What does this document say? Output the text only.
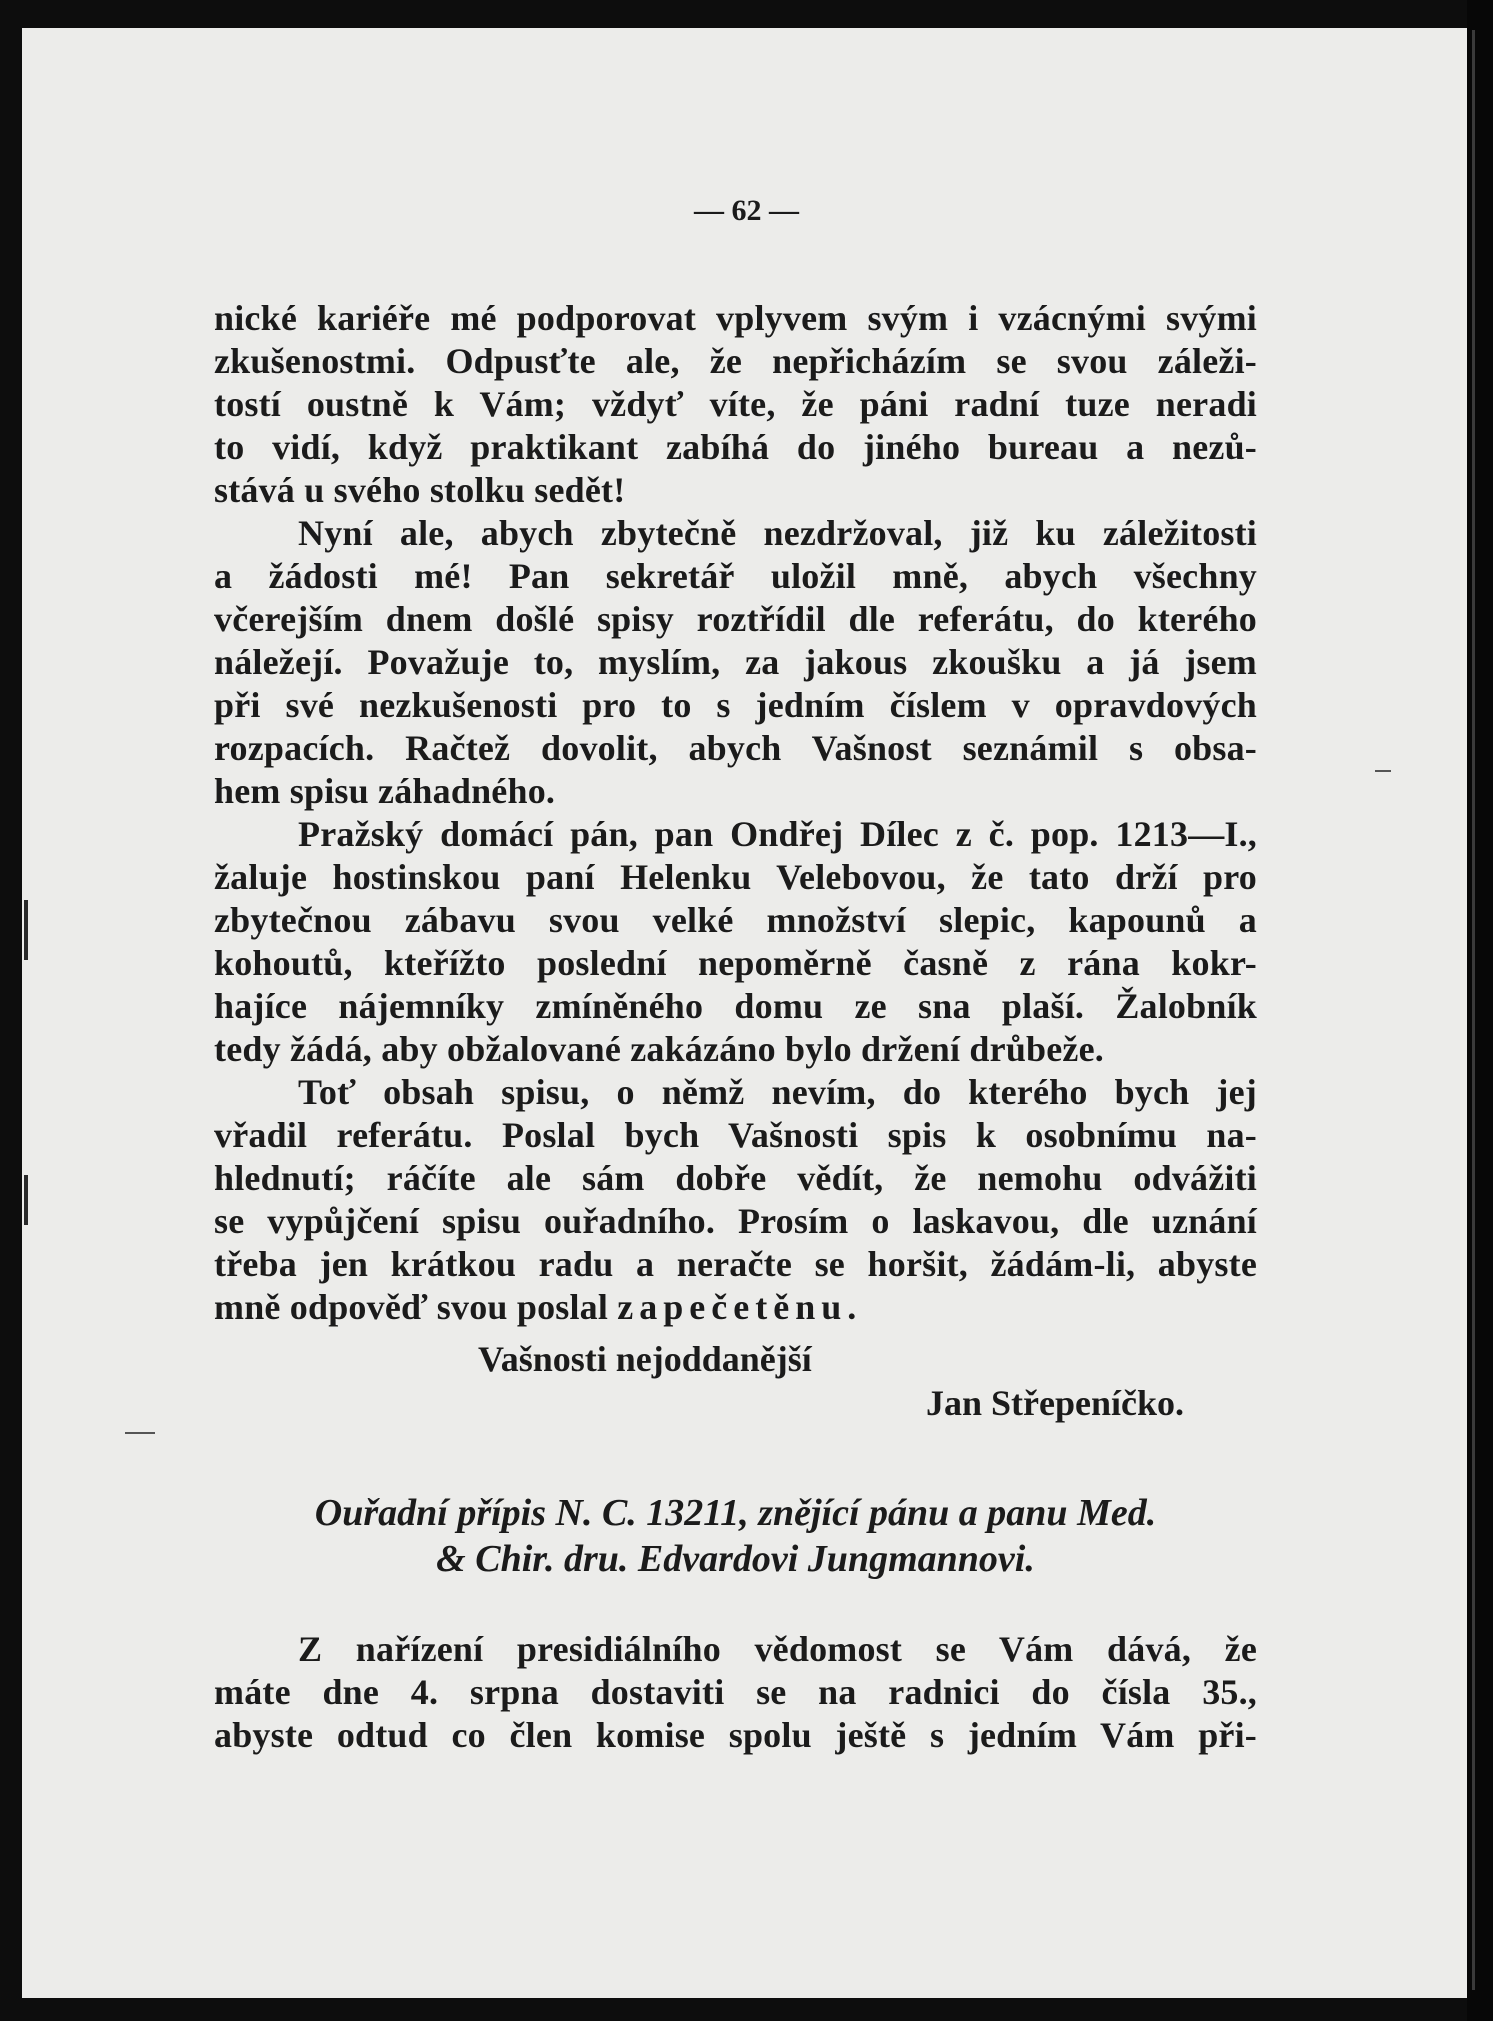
— 62 —

nické kariéře mé podporovat vplyvem svým i vzácnými svými
zkušenostmi. Odpusťte ale, že nepřicházím se svou záleži-
tostí oustně k Vám; vždyť víte, že páni radní tuze neradi
to vidí, když praktikant zabíhá do jiného bureau a nezů-
stává u svého stolku sedět!

Nyní ale, abych zbytečně nezdržoval, již ku záležitosti
a žádosti mé! Pan sekretář uložil mně, abych všechny
včerejším dnem došlé spisy roztřídil dle referátu, do kterého
náležejí. Považuje to, myslím, za jakous zkoušku a já jsem
při své nezkušenosti pro to s jedním číslem v opravdových
rozpacích. Račtež dovolit, abych Vašnost seznámil s obsa-
hem spisu záhadného.

Pražský domácí pán, pan Ondřej Dílec z č. pop. 1213—I.,
žaluje hostinskou paní Helenku Velebovou, že tato drží pro
zbytečnou zábavu svou velké množství slepic, kapounů a
kohoutů, kteřížto poslední nepoměrně časně z rána kokr-
hajíce nájemníky zmíněného domu ze sna plaší. Žalobník
tedy žádá, aby obžalované zakázáno bylo držení drůbeže.

Toť obsah spisu, o němž nevím, do kterého bych jej
vřadil referátu. Poslal bych Vašnosti spis k osobnímu na-
hlednutí; ráčíte ale sám dobře vědít, že nemohu odvážiti
se vypůjčení spisu ouřadního. Prosím o laskavou, dle uznání
třeba jen krátkou radu a neračte se horšit, žádám-li, abyste
mně odpověď svou poslal zapečetěnu.

Vašnosti nejoddanější
Jan Střepeníčko.
Ouřadní přípis N. C. 13211, znějící pánu a panu Med.
& Chir. dru. Edvardovi Jungmannovi.

Z nařízení presidiálního vědomost se Vám dává, že
máte dne 4. srpna dostaviti se na radnici do čísla 35.,
abyste odtud co člen komise spolu ještě s jedním Vám při-
